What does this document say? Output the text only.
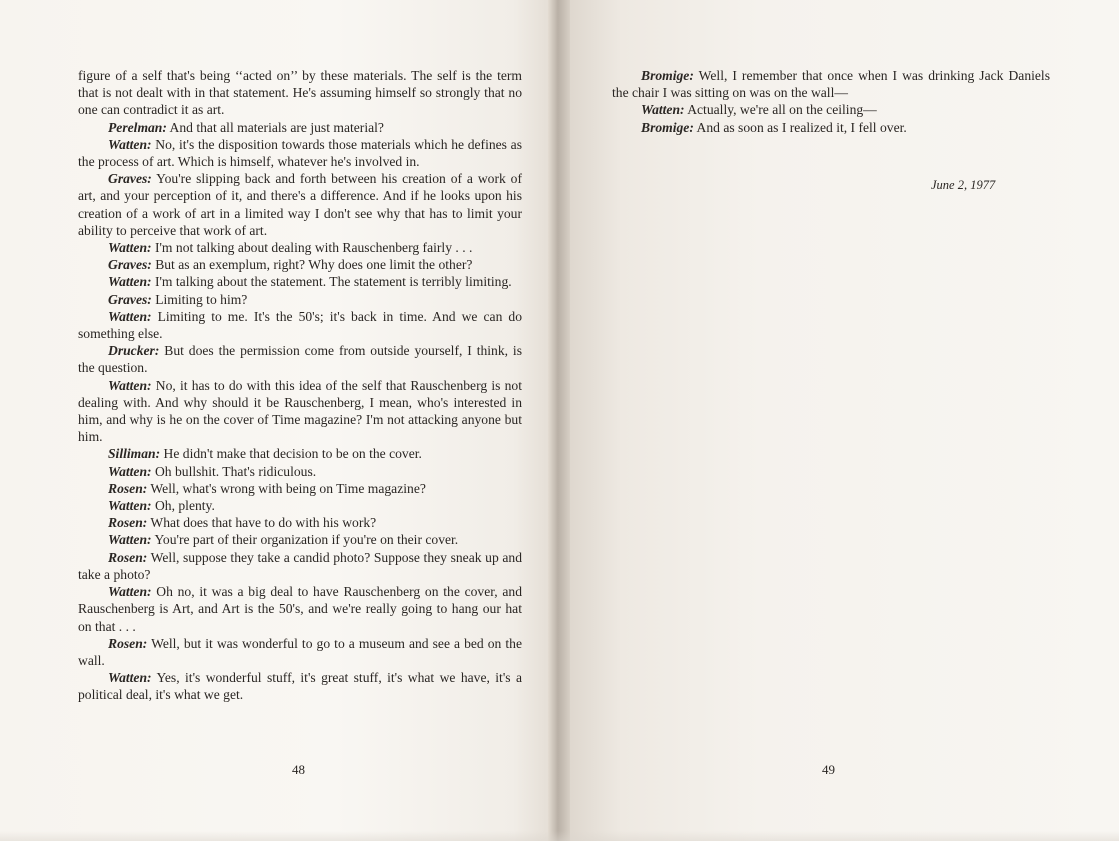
figure of a self that's being ‘‘acted on’’ by these materials. The self is the term that is not dealt with in that statement. He's assuming himself so strongly that no one can contradict it as art.

Perelman: And that all materials are just material?

Watten: No, it's the disposition towards those materials which he defines as the process of art. Which is himself, whatever he's involved in.

Graves: You're slipping back and forth between his creation of a work of art, and your perception of it, and there's a difference. And if he looks upon his creation of a work of art in a limited way I don't see why that has to limit your ability to perceive that work of art.

Watten: I'm not talking about dealing with Rauschenberg fairly . . .

Graves: But as an exemplum, right? Why does one limit the other?

Watten: I'm talking about the statement. The statement is terribly limiting.

Graves: Limiting to him?

Watten: Limiting to me. It's the 50's; it's back in time. And we can do something else.

Drucker: But does the permission come from outside yourself, I think, is the question.

Watten: No, it has to do with this idea of the self that Rauschenberg is not dealing with. And why should it be Rauschenberg, I mean, who's interested in him, and why is he on the cover of Time magazine? I'm not attacking anyone but him.

Silliman: He didn't make that decision to be on the cover.

Watten: Oh bullshit. That's ridiculous.

Rosen: Well, what's wrong with being on Time magazine?

Watten: Oh, plenty.

Rosen: What does that have to do with his work?

Watten: You're part of their organization if you're on their cover.

Rosen: Well, suppose they take a candid photo? Suppose they sneak up and take a photo?

Watten: Oh no, it was a big deal to have Rauschenberg on the cover, and Rauschenberg is Art, and Art is the 50's, and we're really going to hang our hat on that . . .

Rosen: Well, but it was wonderful to go to a museum and see a bed on the wall.

Watten: Yes, it's wonderful stuff, it's great stuff, it's what we have, it's a political deal, it's what we get.

48

Bromige: Well, I remember that once when I was drinking Jack Daniels the chair I was sitting on was on the wall—

Watten: Actually, we're all on the ceiling—

Bromige: And as soon as I realized it, I fell over.

June 2, 1977
49
